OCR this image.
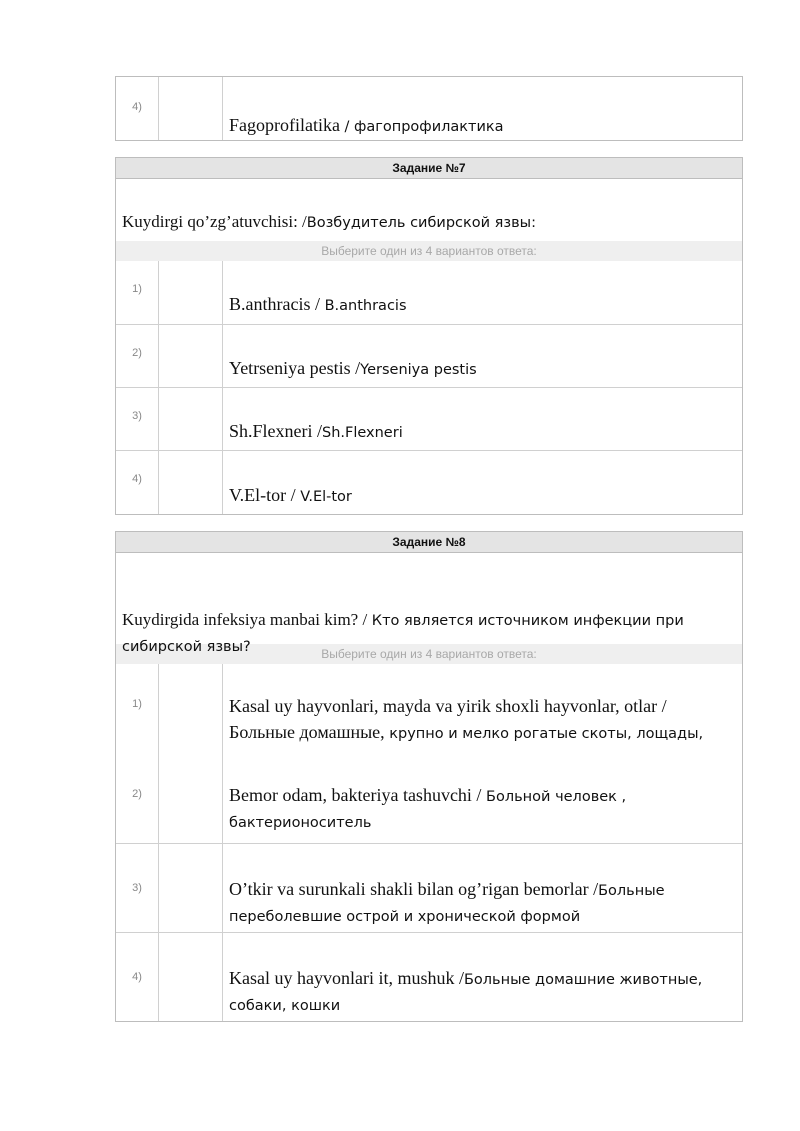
4)
Fagoprofilatika / фагопрофилактика
Задание №7
Kuydirgi qo’zg’atuvchisi: /Возбудитель сибирской язвы:
Выберите один из 4 вариантов ответа:
1)
B.anthracis / B.anthracis
2)
Yetrseniya pestis /Yerseniya pestis
3)
Sh.Flexneri /Sh.Flexneri
4)
V.El-tor / V.El-tor
Задание №8
Kuydirgida infeksiya manbai kim? / Кто является источником инфекции при сибирской язвы?	Выберите один из 4 вариантов ответа:
1)	Kasal uy hayvonlari, mayda va yirik shoxli hayvonlar, otlar / Больные домашные, крупно и мелко рогатые скоты, лощады,
2)	Bemor odam, bakteriya tashuvchi / Больной человек , бактерионоситель
3)	O’tkir va surunkali shakli bilan og’rigan bemorlar /Больные переболевшие острой и хронической формой
4)	Kasal uy hayvonlari it, mushuk /Больные домашние животные, собаки, кошки
